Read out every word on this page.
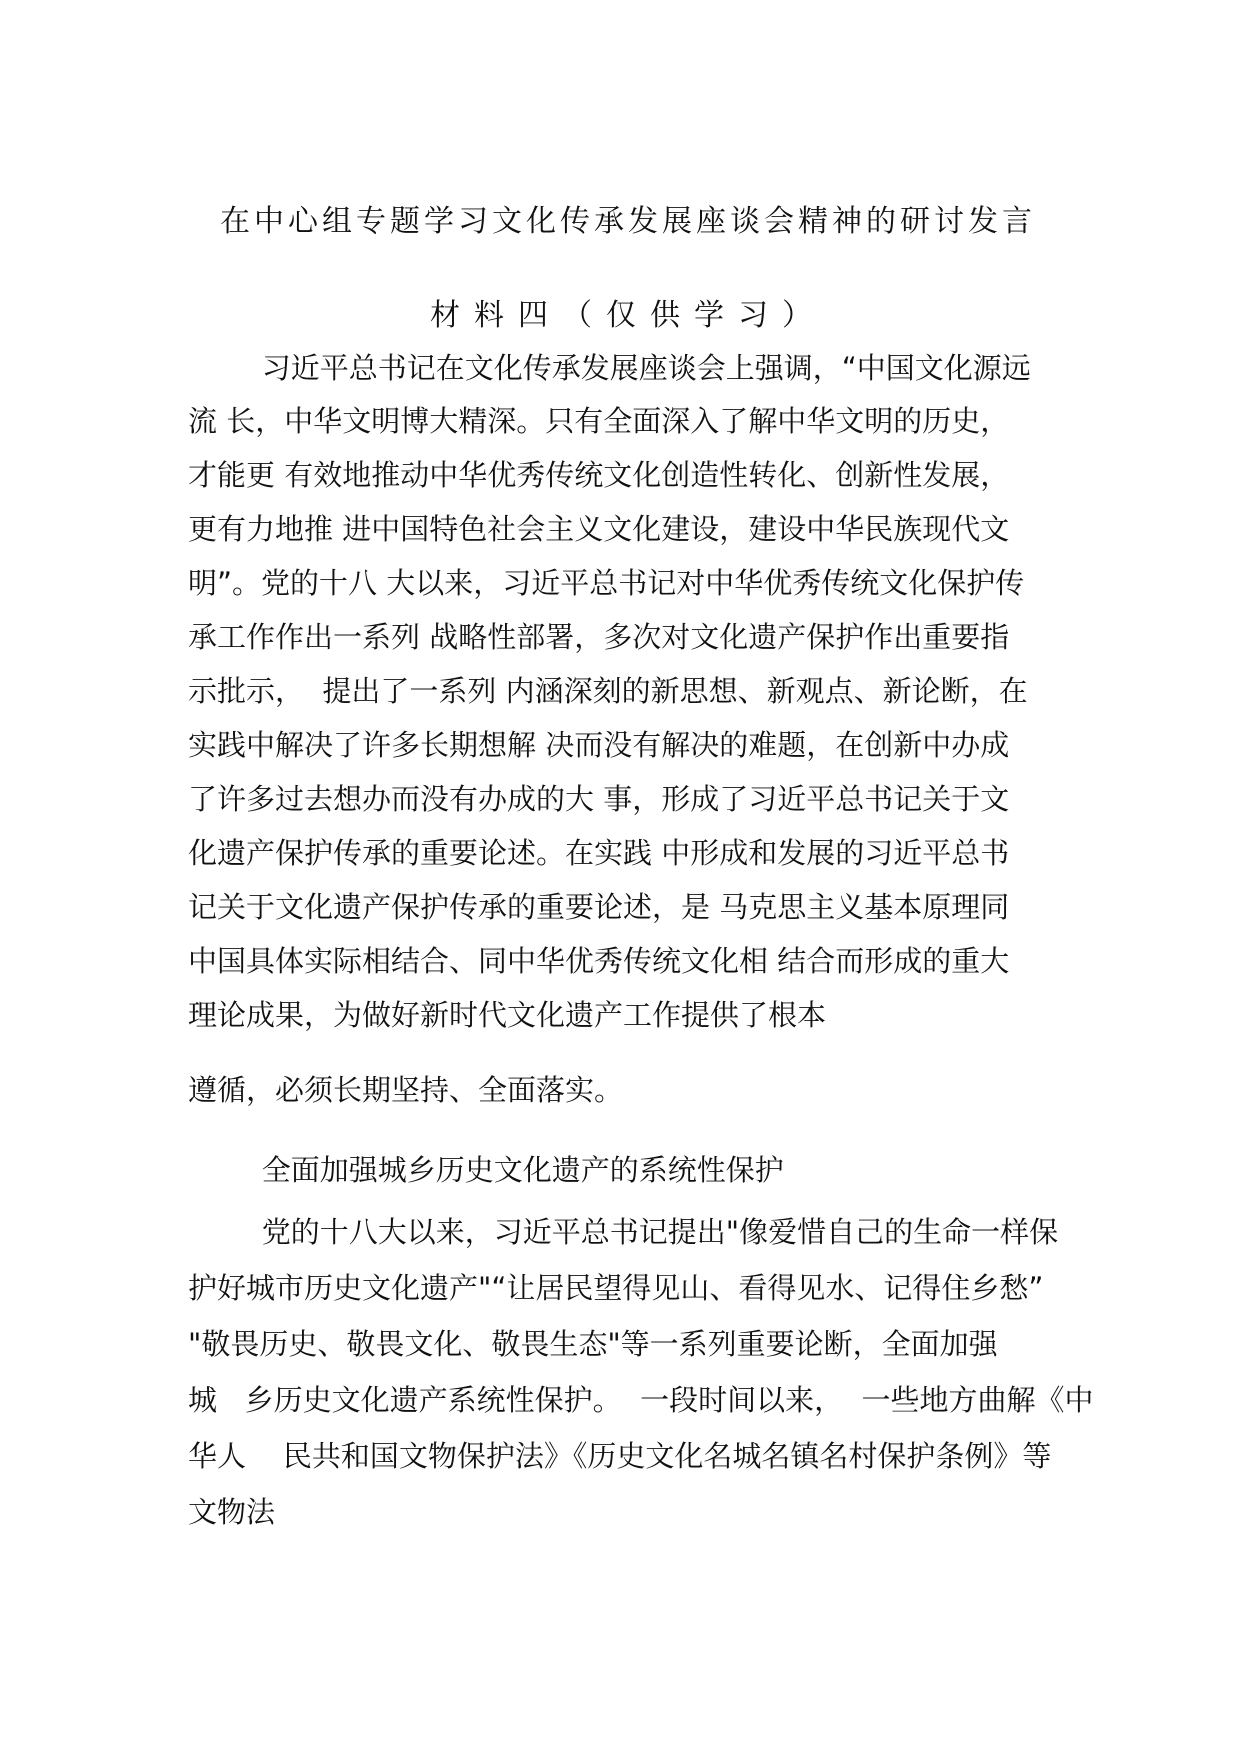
在中心组专题学习文化传承发展座谈会精神的研讨发言
材料四（仅供学习）
习近平总书记在文化传承发展座谈会上强调，“中国文化源远
流 长，中华文明博大精深。只有全面深入了解中华文明的历史，
才能更 有效地推动中华优秀传统文化创造性转化、创新性发展，
更有力地推 进中国特色社会主义文化建设，建设中华民族现代文
明”。党的十八 大以来，习近平总书记对中华优秀传统文化保护传
承工作作出一系列 战略性部署，多次对文化遗产保护作出重要指
示批示，  提出了一系列 内涵深刻的新思想、新观点、新论断，在
实践中解决了许多长期想解 决而没有解决的难题，在创新中办成
了许多过去想办而没有办成的大 事，形成了习近平总书记关于文
化遗产保护传承的重要论述。在实践 中形成和发展的习近平总书
记关于文化遗产保护传承的重要论述，是 马克思主义基本原理同
中国具体实际相结合、同中华优秀传统文化相 结合而形成的重大
理论成果，为做好新时代文化遗产工作提供了根本
遵循，必须长期坚持、全面落实。
全面加强城乡历史文化遗产的系统性保护
党的十八大以来，习近平总书记提出"像爱惜自己的生命一样保
护好城市历史文化遗产"“让居民望得见山、看得见水、记得住乡愁”
"敬畏历史、敬畏文化、敬畏生态"等一系列重要论断，全面加强
城   乡历史文化遗产系统性保护。  一段时间以来，  一些地方曲解《中
华人    民共和国文物保护法》《历史文化名城名镇名村保护条例》等
文物法
